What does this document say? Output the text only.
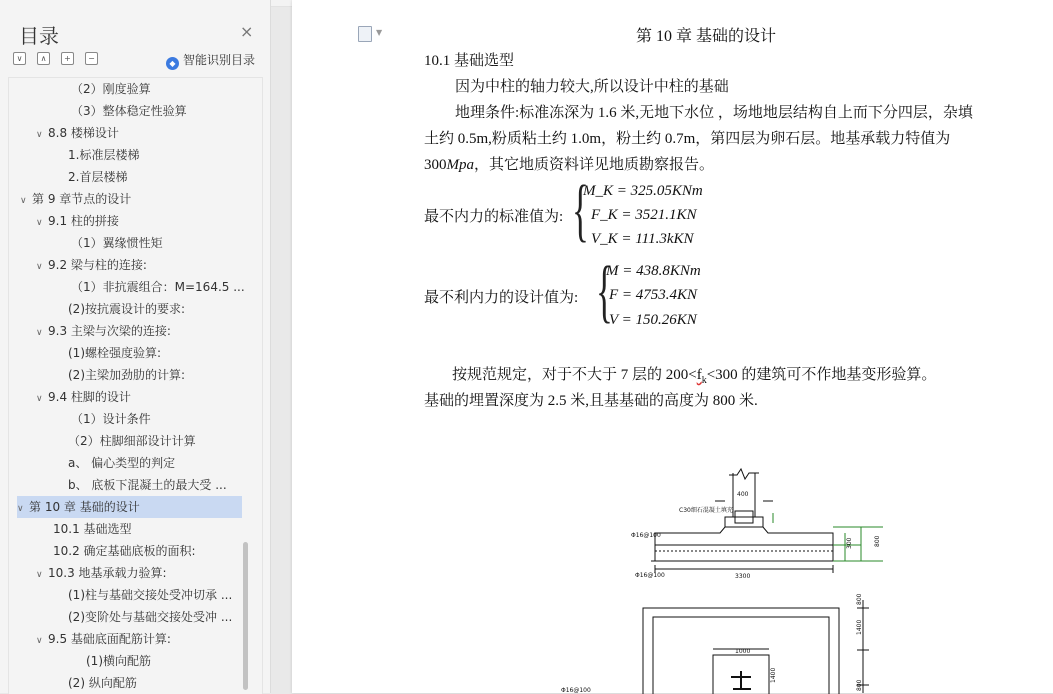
目录	×
∨	∧	+	−
◆ 智能识别目录
（2）刚度验算
（3）整体稳定性验算
∨ 8.8 楼梯设计
1.标准层楼梯
2.首层楼梯
∨ 第 9 章节点的设计
∨ 9.1 柱的拼接
（1）翼缘惯性矩
∨ 9.2 梁与柱的连接:
（1）非抗震组合：M=164.5 ...
(2)按抗震设计的要求:
∨ 9.3 主梁与次梁的连接:
(1)螺栓强度验算:
(2)主梁加劲肋的计算:
∨ 9.4 柱脚的设计
（1）设计条件
（2）柱脚细部设计计算
a、 偏心类型的判定
b、 底板下混凝土的最大受 ...
∨ 第 10 章 基础的设计
10.1 基础选型
10.2 确定基础底板的面积:
∨ 10.3 地基承载力验算:
(1)柱与基础交接处受冲切承 ...
(2)变阶处与基础交接处受冲 ...
∨ 9.5 基础底面配筋计算:
(1)横向配筋
(2) 纵向配筋
▼	第 10 章 基础的设计
10.1 基础选型
因为中柱的轴力较大,所以设计中柱的基础
地理条件:标准冻深为 1.6 米,无地下水位 ，场地地层结构自上而下分四层，杂填
土约 0.5m,粉质粘土约 1.0m，粉土约 0.7m，第四层为卵石层。地基承载力特值为
300Mpa，其它地质资料详见地质勘察报告。
最不内力的标准值为: {
M_K = 325.05KNm
F_K = 3521.1KN
V_K = 111.3kKN
最不利内力的设计值为: {
M = 438.8KNm
F = 4753.4KN
V = 150.26KN
按规范规定，对于不大于 7 层的 $200<f_k<300$ 的建筑可不作地基变形验算。
基础的埋置深度为 2.5 米,且基基础的高度为 800 米.
400
C30细石混凝土填充
Φ16@100
Φ16@100	3300
300	800
1000
800
1400
1400
800
Φ16@100
